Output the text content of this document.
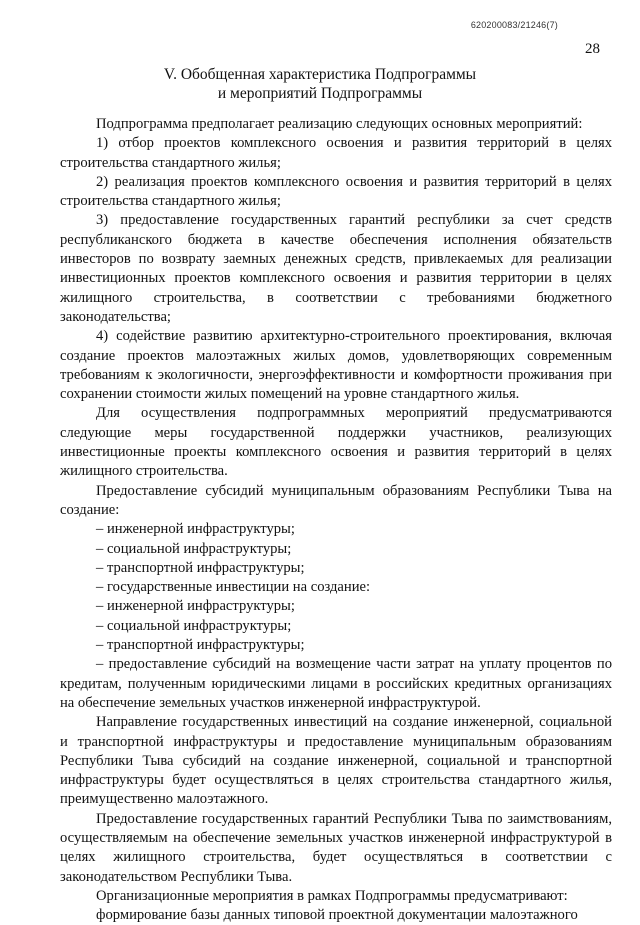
620200083/21246(7)
28
V. Обобщенная характеристика Подпрограммы
и мероприятий Подпрограммы

Подпрограмма предполагает реализацию следующих основных мероприятий:

1) отбор проектов комплексного освоения и развития территорий в целях строительства стандартного жилья;

2) реализация проектов комплексного освоения и развития территорий в целях строительства стандартного жилья;

3) предоставление государственных гарантий республики за счет средств республиканского бюджета в качестве обеспечения исполнения обязательств инвесторов по возврату заемных денежных средств, привлекаемых для реализации инвестиционных проектов комплексного освоения и развития территории в целях жилищного строительства, в соответствии с требованиями бюджетного законодательства;

4) содействие развитию архитектурно-строительного проектирования, включая создание проектов малоэтажных жилых домов, удовлетворяющих современным требованиям к экологичности, энергоэффективности и комфортности проживания при сохранении стоимости жилых помещений на уровне стандартного жилья.

Для осуществления подпрограммных мероприятий предусматриваются следующие меры государственной поддержки участников, реализующих инвестиционные проекты комплексного освоения и развития территорий в целях жилищного строительства.

Предоставление субсидий муниципальным образованиям Республики Тыва на создание:

– инженерной инфраструктуры;

– социальной инфраструктуры;

– транспортной инфраструктуры;

– государственные инвестиции на создание:

– инженерной инфраструктуры;

– социальной инфраструктуры;

– транспортной инфраструктуры;

– предоставление субсидий на возмещение части затрат на уплату процентов по кредитам, полученным юридическими лицами в российских кредитных организациях на обеспечение земельных участков инженерной инфраструктурой.

Направление государственных инвестиций на создание инженерной, социальной и транспортной инфраструктуры и предоставление муниципальным образованиям Республики Тыва субсидий на создание инженерной, социальной и транспортной инфраструктуры будет осуществляться в целях строительства стандартного жилья, преимущественно малоэтажного.

Предоставление государственных гарантий Республики Тыва по заимствованиям, осуществляемым на обеспечение земельных участков инженерной инфраструктурой в целях жилищного строительства, будет осуществляться в соответствии с законодательством Республики Тыва.

Организационные мероприятия в рамках Подпрограммы предусматривают:

формирование базы данных типовой проектной документации малоэтажного
